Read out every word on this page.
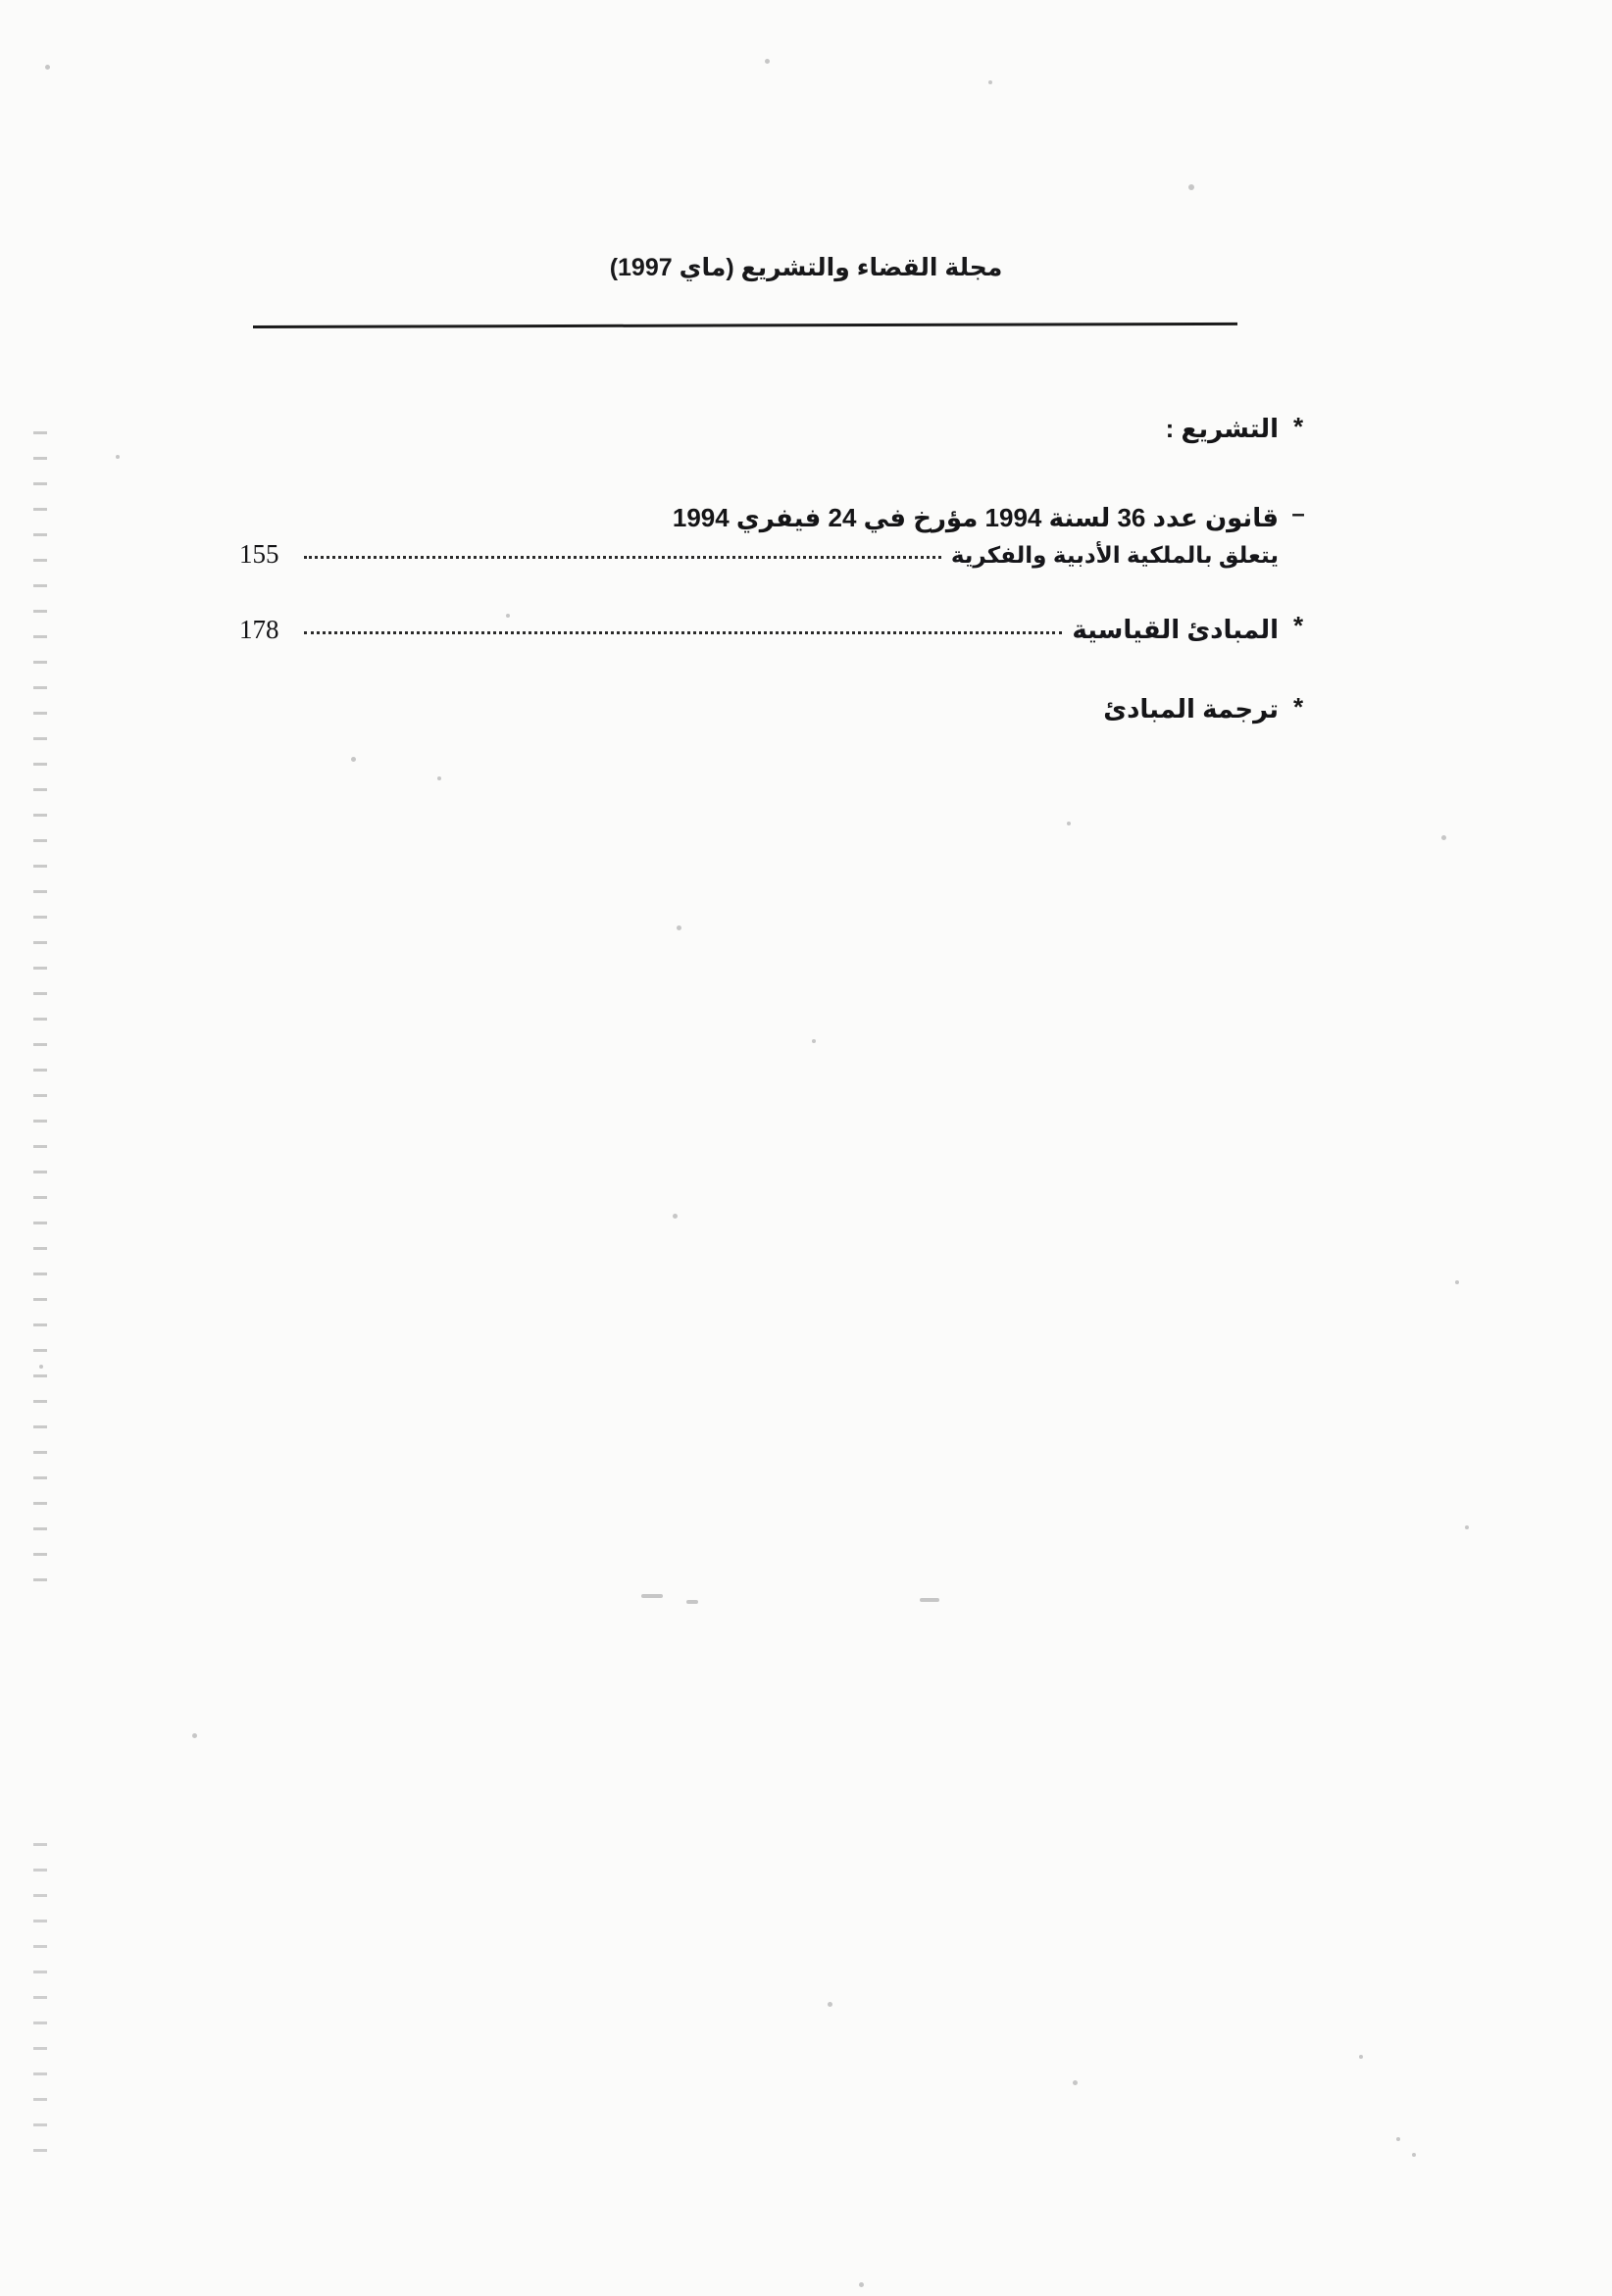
مجلة القضاء والتشريع (ماي 1997)
*
التشريع :
–
قانون عدد 36 لسنة 1994 مؤرخ في 24 فيفري 1994
يتعلق بالملكية الأدبية والفكرية
155
*
المبادئ القياسية
178
*
ترجمة المبادئ
